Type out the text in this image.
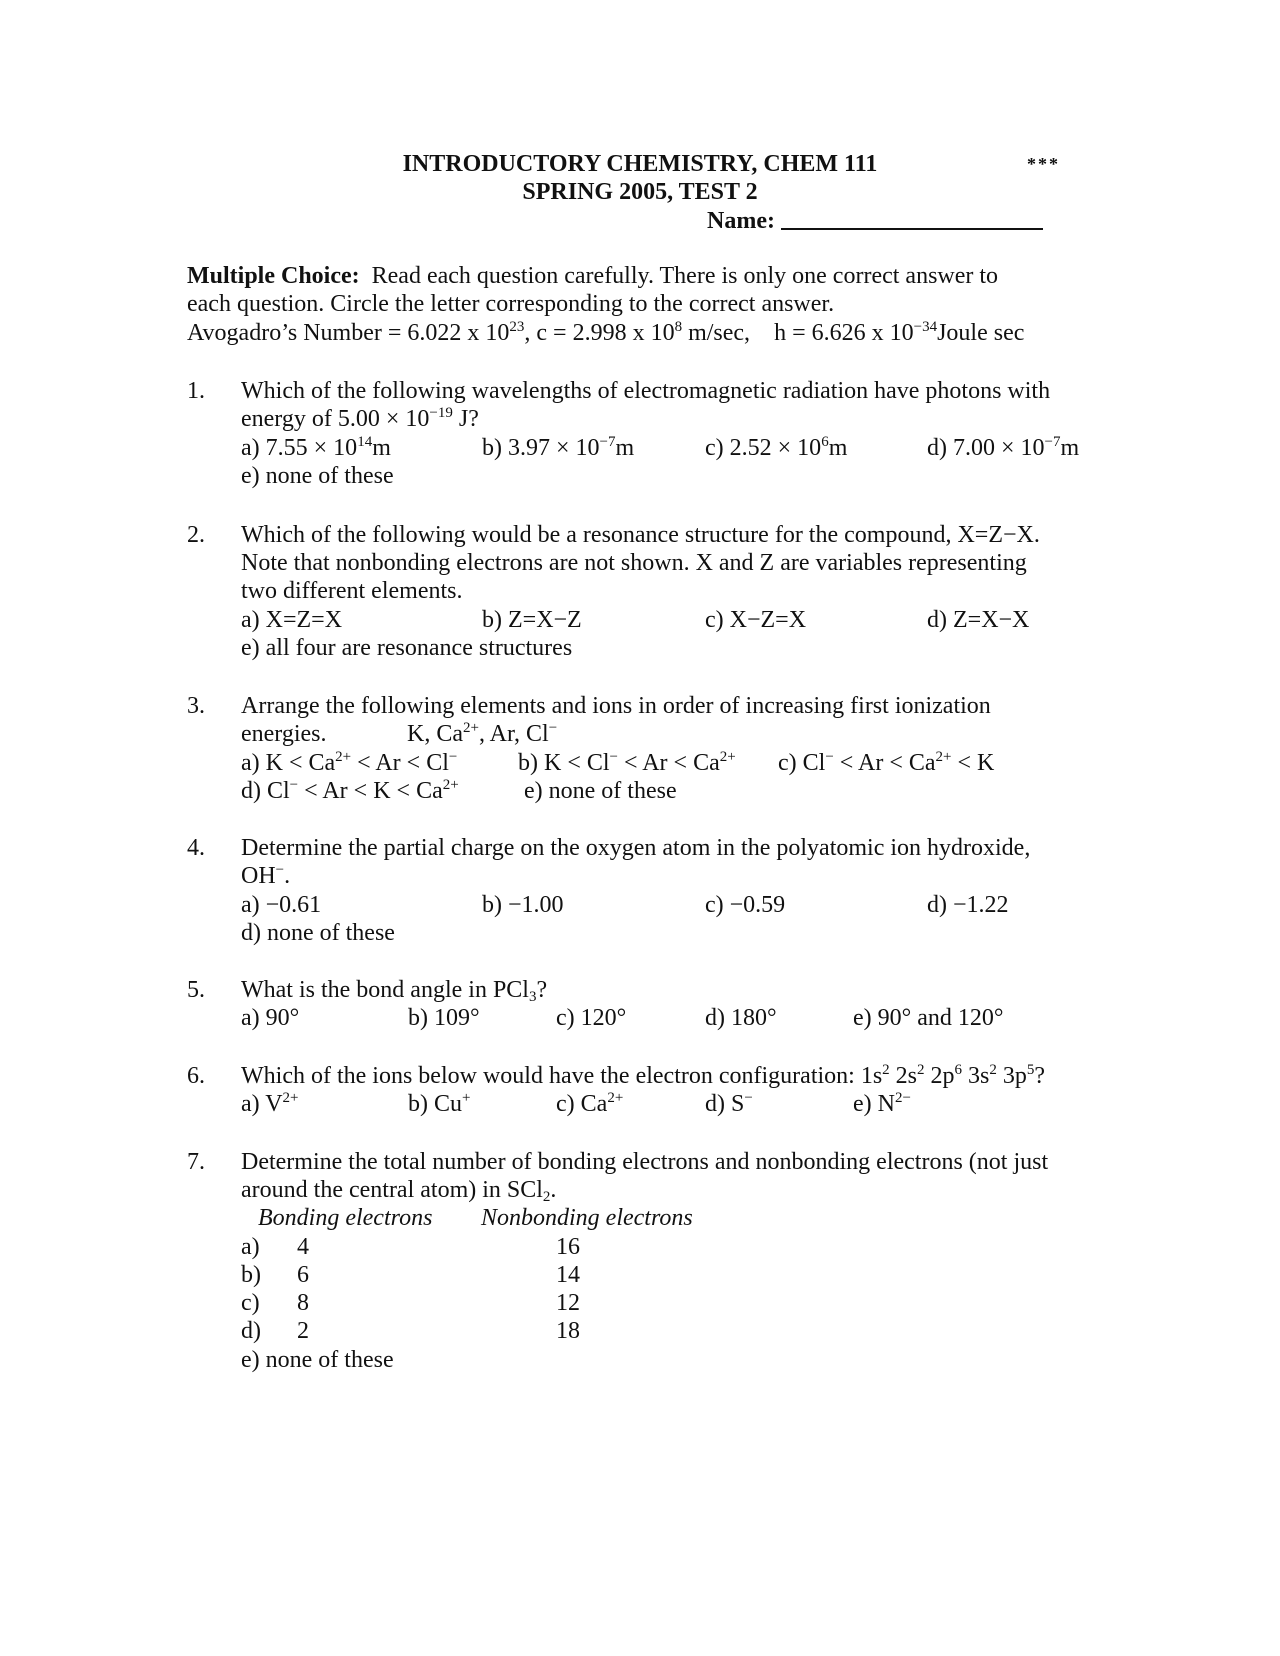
INTRODUCTORY CHEMISTRY, CHEM 111	***
SPRING 2005, TEST 2
Name:
Multiple Choice: Read each question carefully. There is only one correct answer to
each question. Circle the letter corresponding to the correct answer.
Avogadro’s Number = 6.022 x $10^{23}$, c = 2.998 x $10^8$ m/sec, h = 6.626 x $10^{-34}Joule$ sec
1.	Which of the following wavelengths of electromagnetic radiation have photons with
energy of $5.00 \times 10^{-19}$ J?
a) $7.55 \times 10^{14}m$	b) $3.97 \times 10^{-7}m$	c) $2.52 \times 10^6m$	d) $7.00 \times 10^{-7}m$
e) none of these
2.	Which of the following would be a resonance structure for the compound, X=Z−X.
Note that nonbonding electrons are not shown. X and Z are variables representing
two different elements.
a) X=Z=X	b) Z=X−Z	c) X−Z=X	d) Z=X−X
e) all four are resonance structures
3.	Arrange the following elements and ions in order of increasing first ionization
energies.	K, $Ca^{2+}$, Ar, Cl−
a) $K < Ca^{2+} < Ar < Cl^-$	b) $K < Cl^- < Ar < Ca^{2+}$ c) $Cl^- < Ar < Ca^{2+} < K$
d) $Cl^- < Ar < K < Ca^{2+}$	e) none of these
4.	Determine the partial charge on the oxygen atom in the polyatomic ion hydroxide,
OH−.
a) −0.61	b) −1.00	c) −0.59	d) −1.22
d) none of these
5.	What is the bond angle in PCl$_3$?
a) 90°	b) 109°	c) 120°	d) 180°	e) 90° and 120°
6.	Which of the ions below would have the electron configuration: $1s^2$ $2s^2$ $2p^6$ $3s^2$ $3p^5$?
a) $V^{2+}$	b) Cu+	c) $Ca^{2+}$	d) S−	e) $N^{2-}$
7.	Determine the total number of bonding electrons and nonbonding electrons (not just
around the central atom) in SCl$_2$.
Bonding electrons Nonbonding electrons
a) 4	16
b) 6	14
c) 8	12
d) 2	18
e) none of these
